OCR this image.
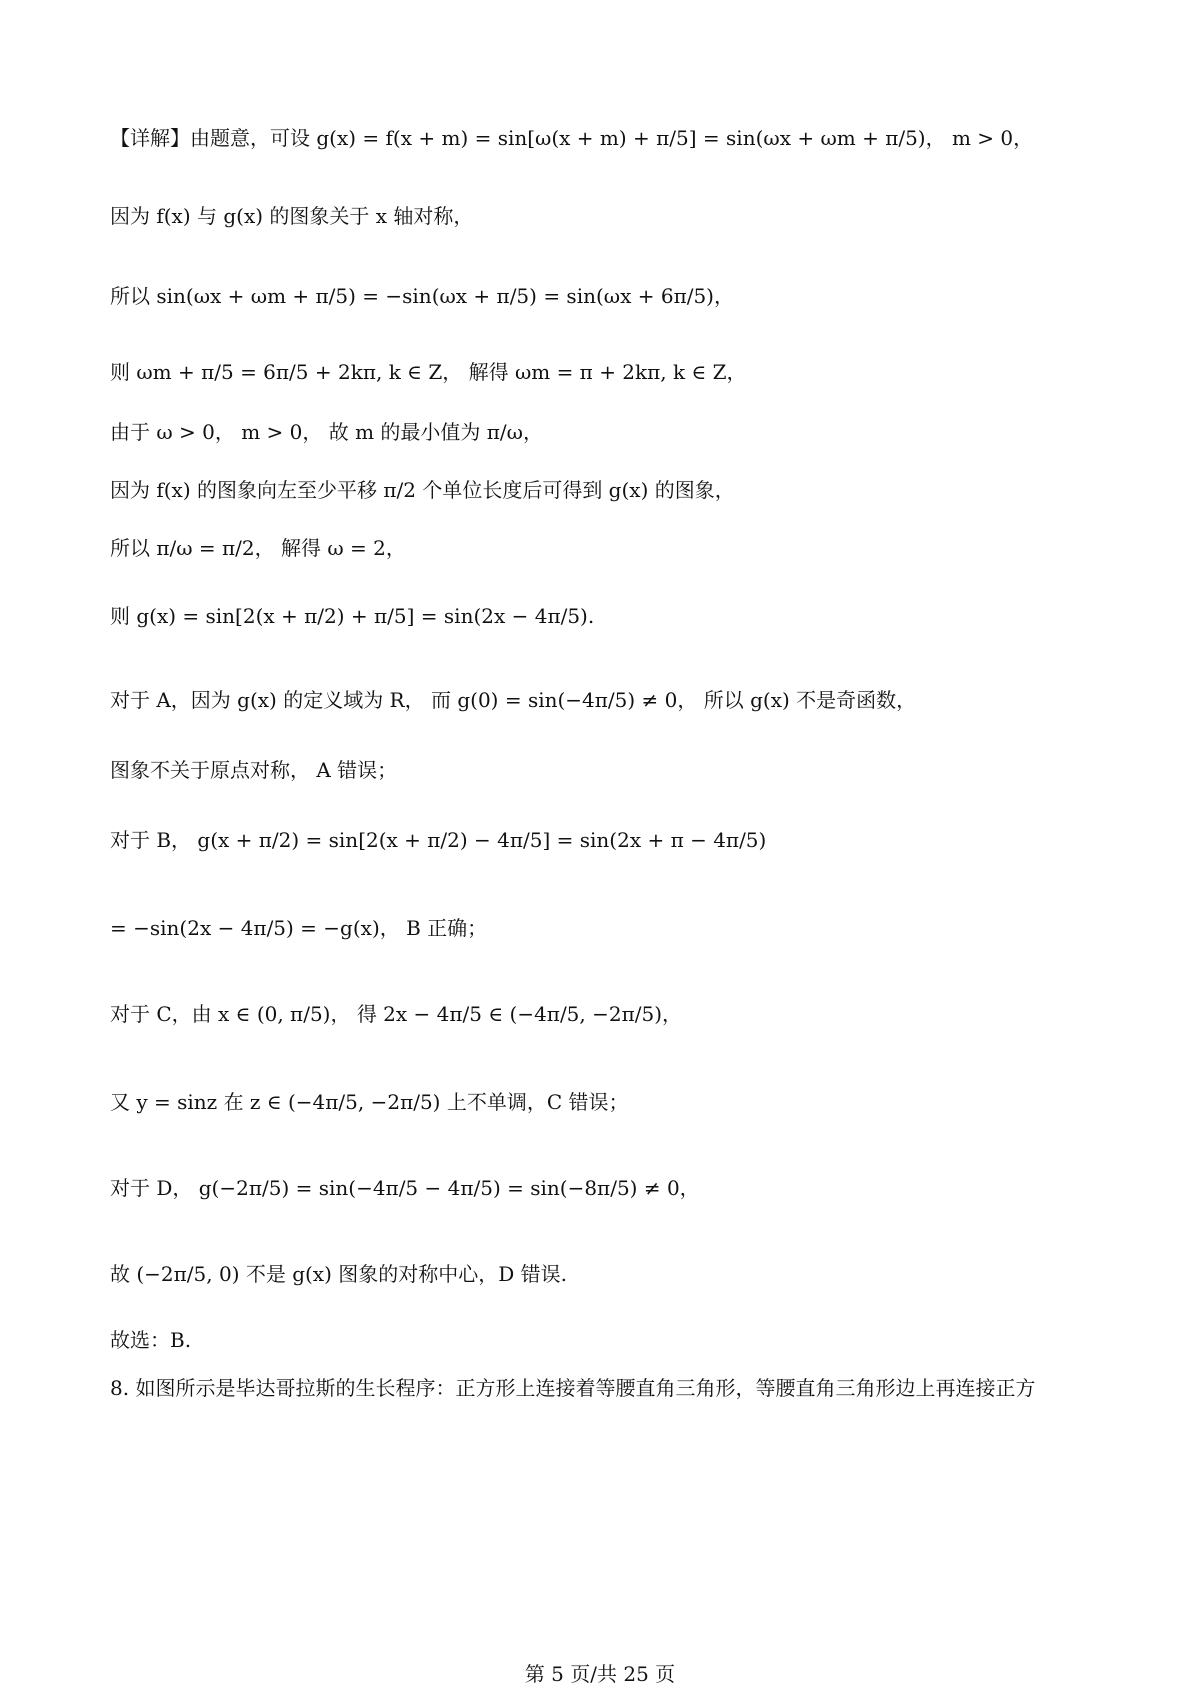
【详解】由题意，可设 g(x) = f(x + m) = sin[ω(x + m) + π/5] = sin(ωx + ωm + π/5)， m > 0，
因为 f(x) 与 g(x) 的图象关于 x 轴对称，
所以 sin(ωx + ωm + π/5) = −sin(ωx + π/5) = sin(ωx + 6π/5)，
则 ωm + π/5 = 6π/5 + 2kπ, k ∈ Z， 解得 ωm = π + 2kπ, k ∈ Z，
由于 ω > 0， m > 0， 故 m 的最小值为 π/ω，
因为 f(x) 的图象向左至少平移 π/2 个单位长度后可得到 g(x) 的图象，
所以 π/ω = π/2， 解得 ω = 2，
则 g(x) = sin[2(x + π/2) + π/5] = sin(2x − 4π/5).
对于 A，因为 g(x) 的定义域为 R， 而 g(0) = sin(−4π/5) ≠ 0， 所以 g(x) 不是奇函数，
图象不关于原点对称， A 错误；
对于 B， g(x + π/2) = sin[2(x + π/2) − 4π/5] = sin(2x + π − 4π/5)
= −sin(2x − 4π/5) = −g(x)， B 正确；
对于 C，由 x ∈ (0, π/5)， 得 2x − 4π/5 ∈ (−4π/5, −2π/5)，
又 y = sinz 在 z ∈ (−4π/5, −2π/5) 上不单调，C 错误；
对于 D， g(−2π/5) = sin(−4π/5 − 4π/5) = sin(−8π/5) ≠ 0，
故 (−2π/5, 0) 不是 g(x) 图象的对称中心，D 错误.
故选：B.
8. 如图所示是毕达哥拉斯的生长程序：正方形上连接着等腰直角三角形，等腰直角三角形边上再连接正方
第 5 页/共 25 页
